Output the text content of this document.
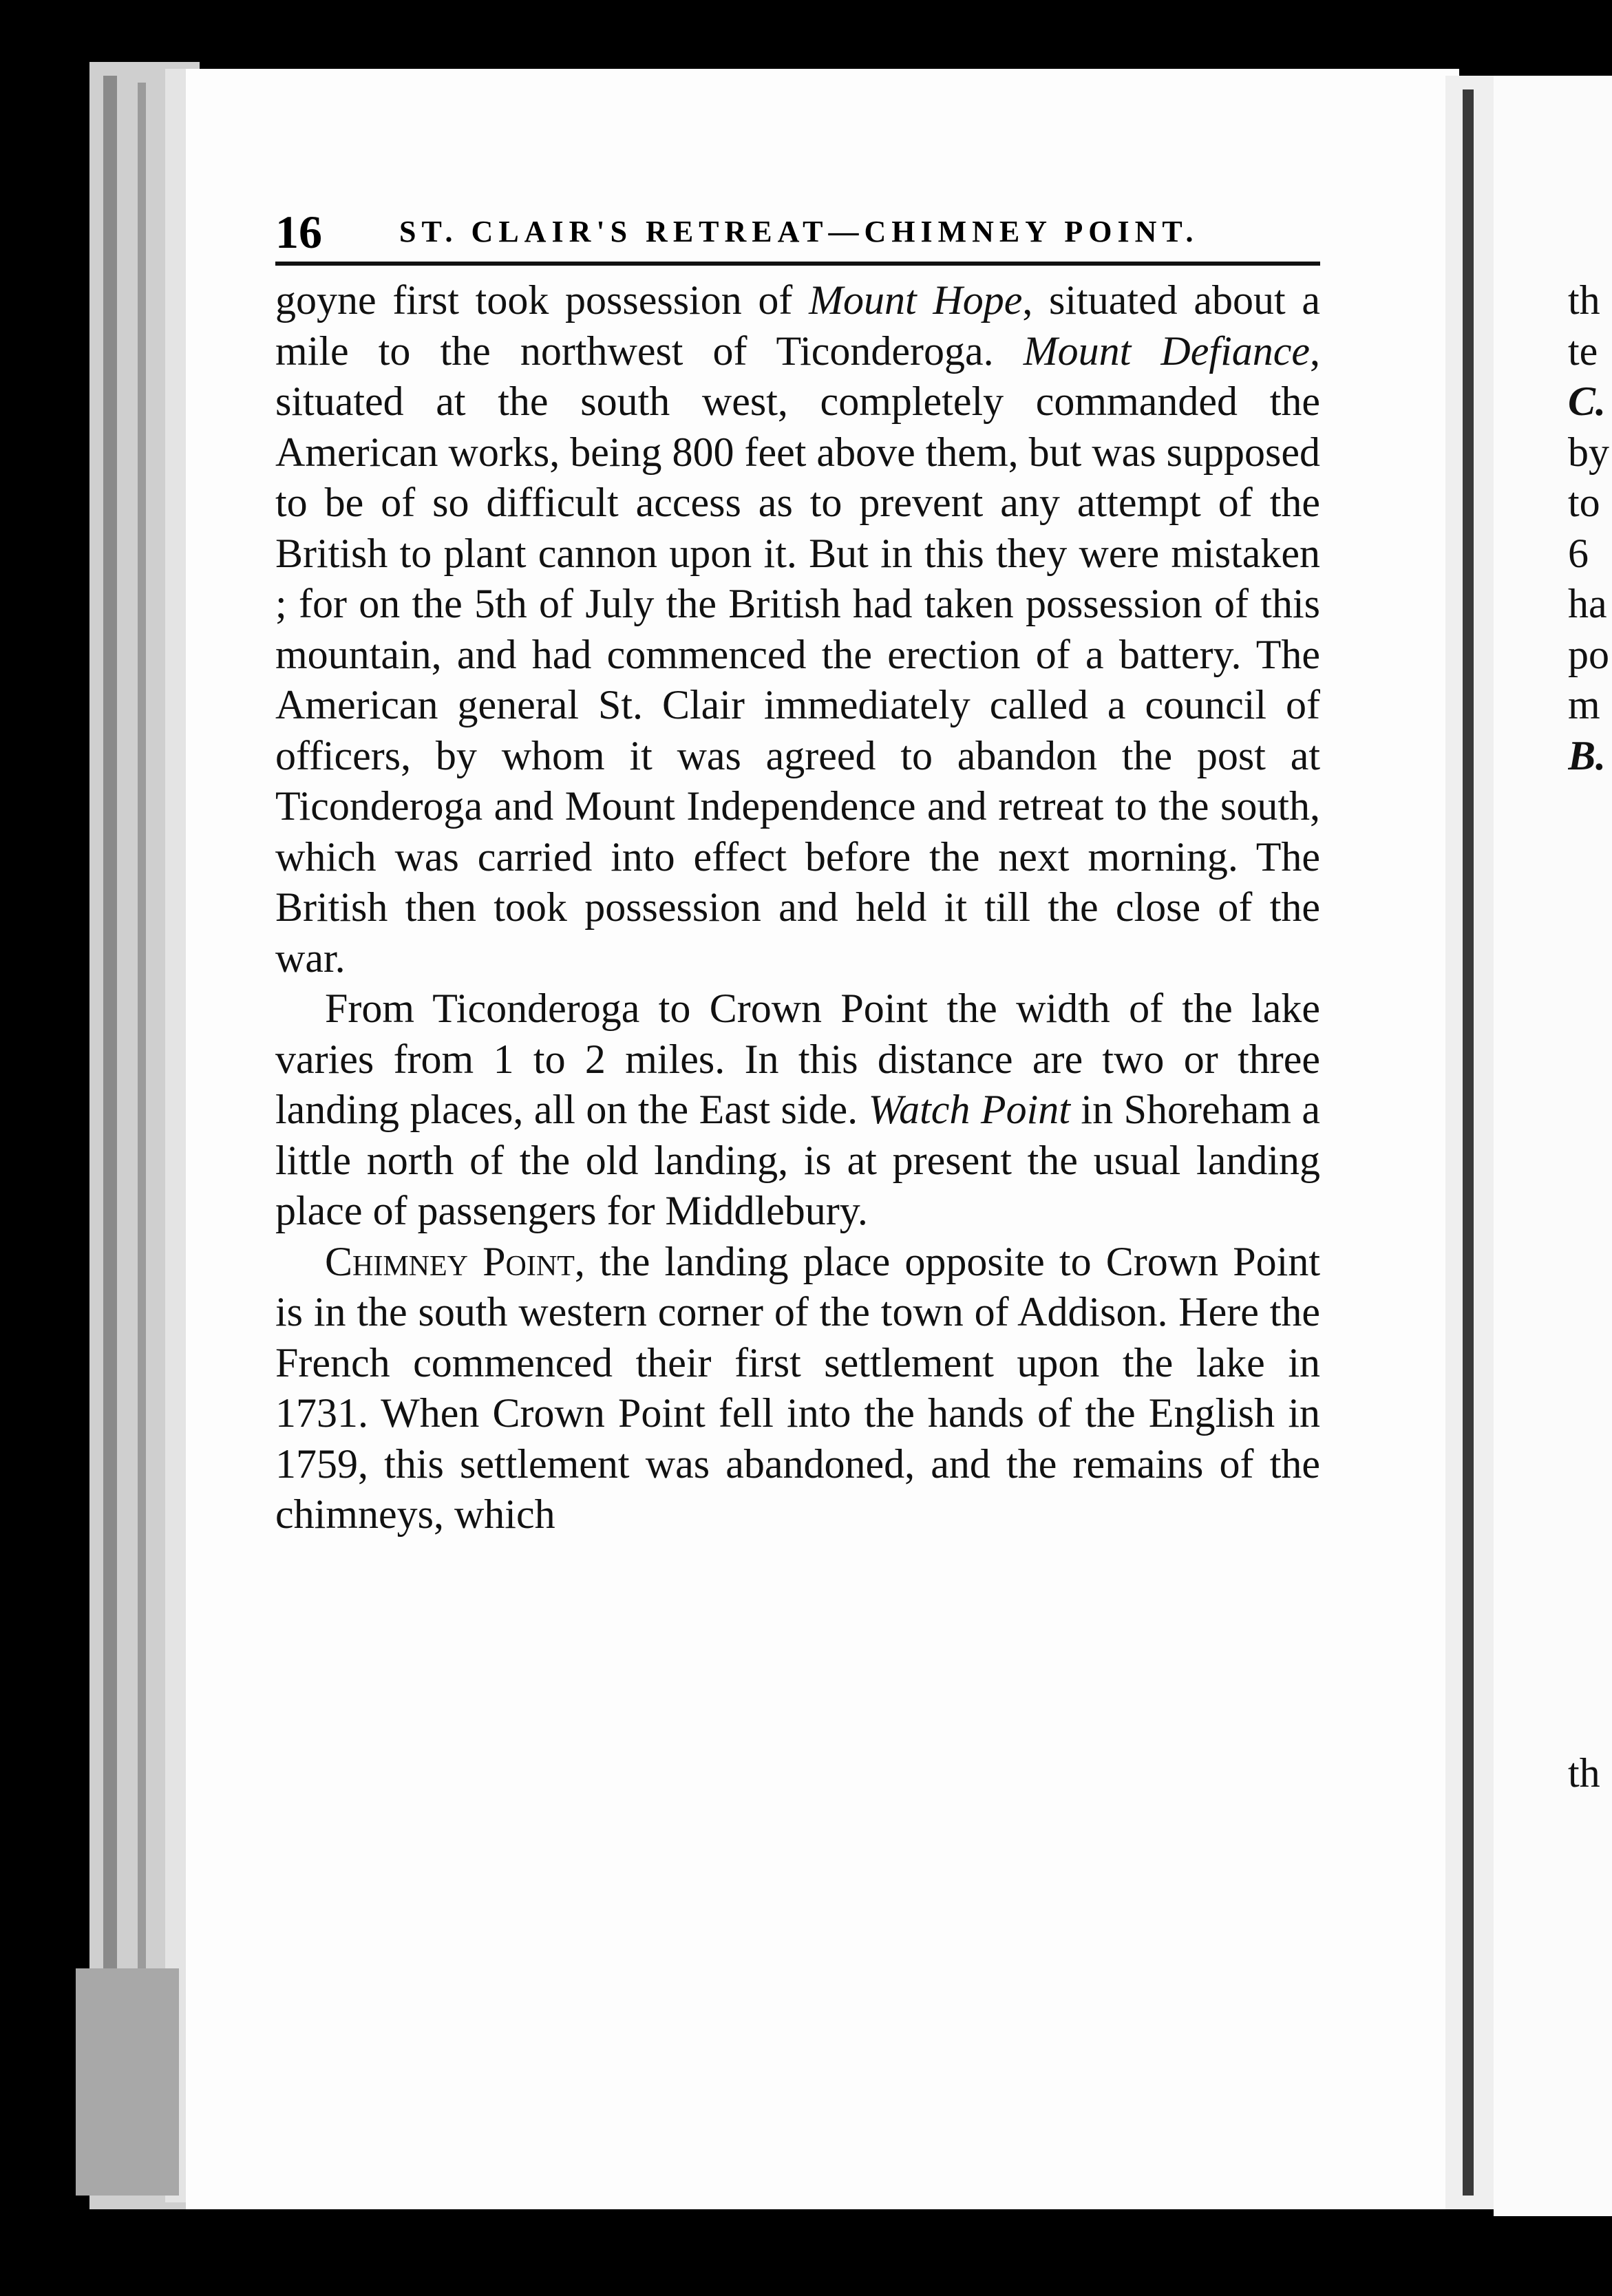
16	ST. CLAIR'S RETREAT—CHIMNEY POINT.

goyne first took possession of Mount Hope, situated about a mile to the northwest of Ticonderoga. Mount Defiance, situated at the south west, completely commanded the American works, being 800 feet above them, but was supposed to be of so difficult access as to prevent any attempt of the British to plant cannon upon it. But in this they were mistaken ; for on the 5th of July the British had taken possession of this mountain, and had commenced the erection of a battery. The American general St. Clair immediately called a council of officers, by whom it was agreed to abandon the post at Ticonderoga and Mount Independence and retreat to the south, which was carried into effect before the next morning. The British then took possession and held it till the close of the war.

From Ticonderoga to Crown Point the width of the lake varies from 1 to 2 miles. In this distance are two or three landing places, all on the East side. Watch Point in Shoreham a little north of the old landing, is at present the usual landing place of passengers for Middlebury.

Chimney Point, the landing place opposite to Crown Point is in the south western corner of the town of Addison. Here the French commenced their first settlement upon the lake in 1731. When Crown Point fell into the hands of the English in 1759, this settlement was abandoned, and the remains of the chimneys, which

th
te
C.
by
to
6
ha
po
m
B.
th
